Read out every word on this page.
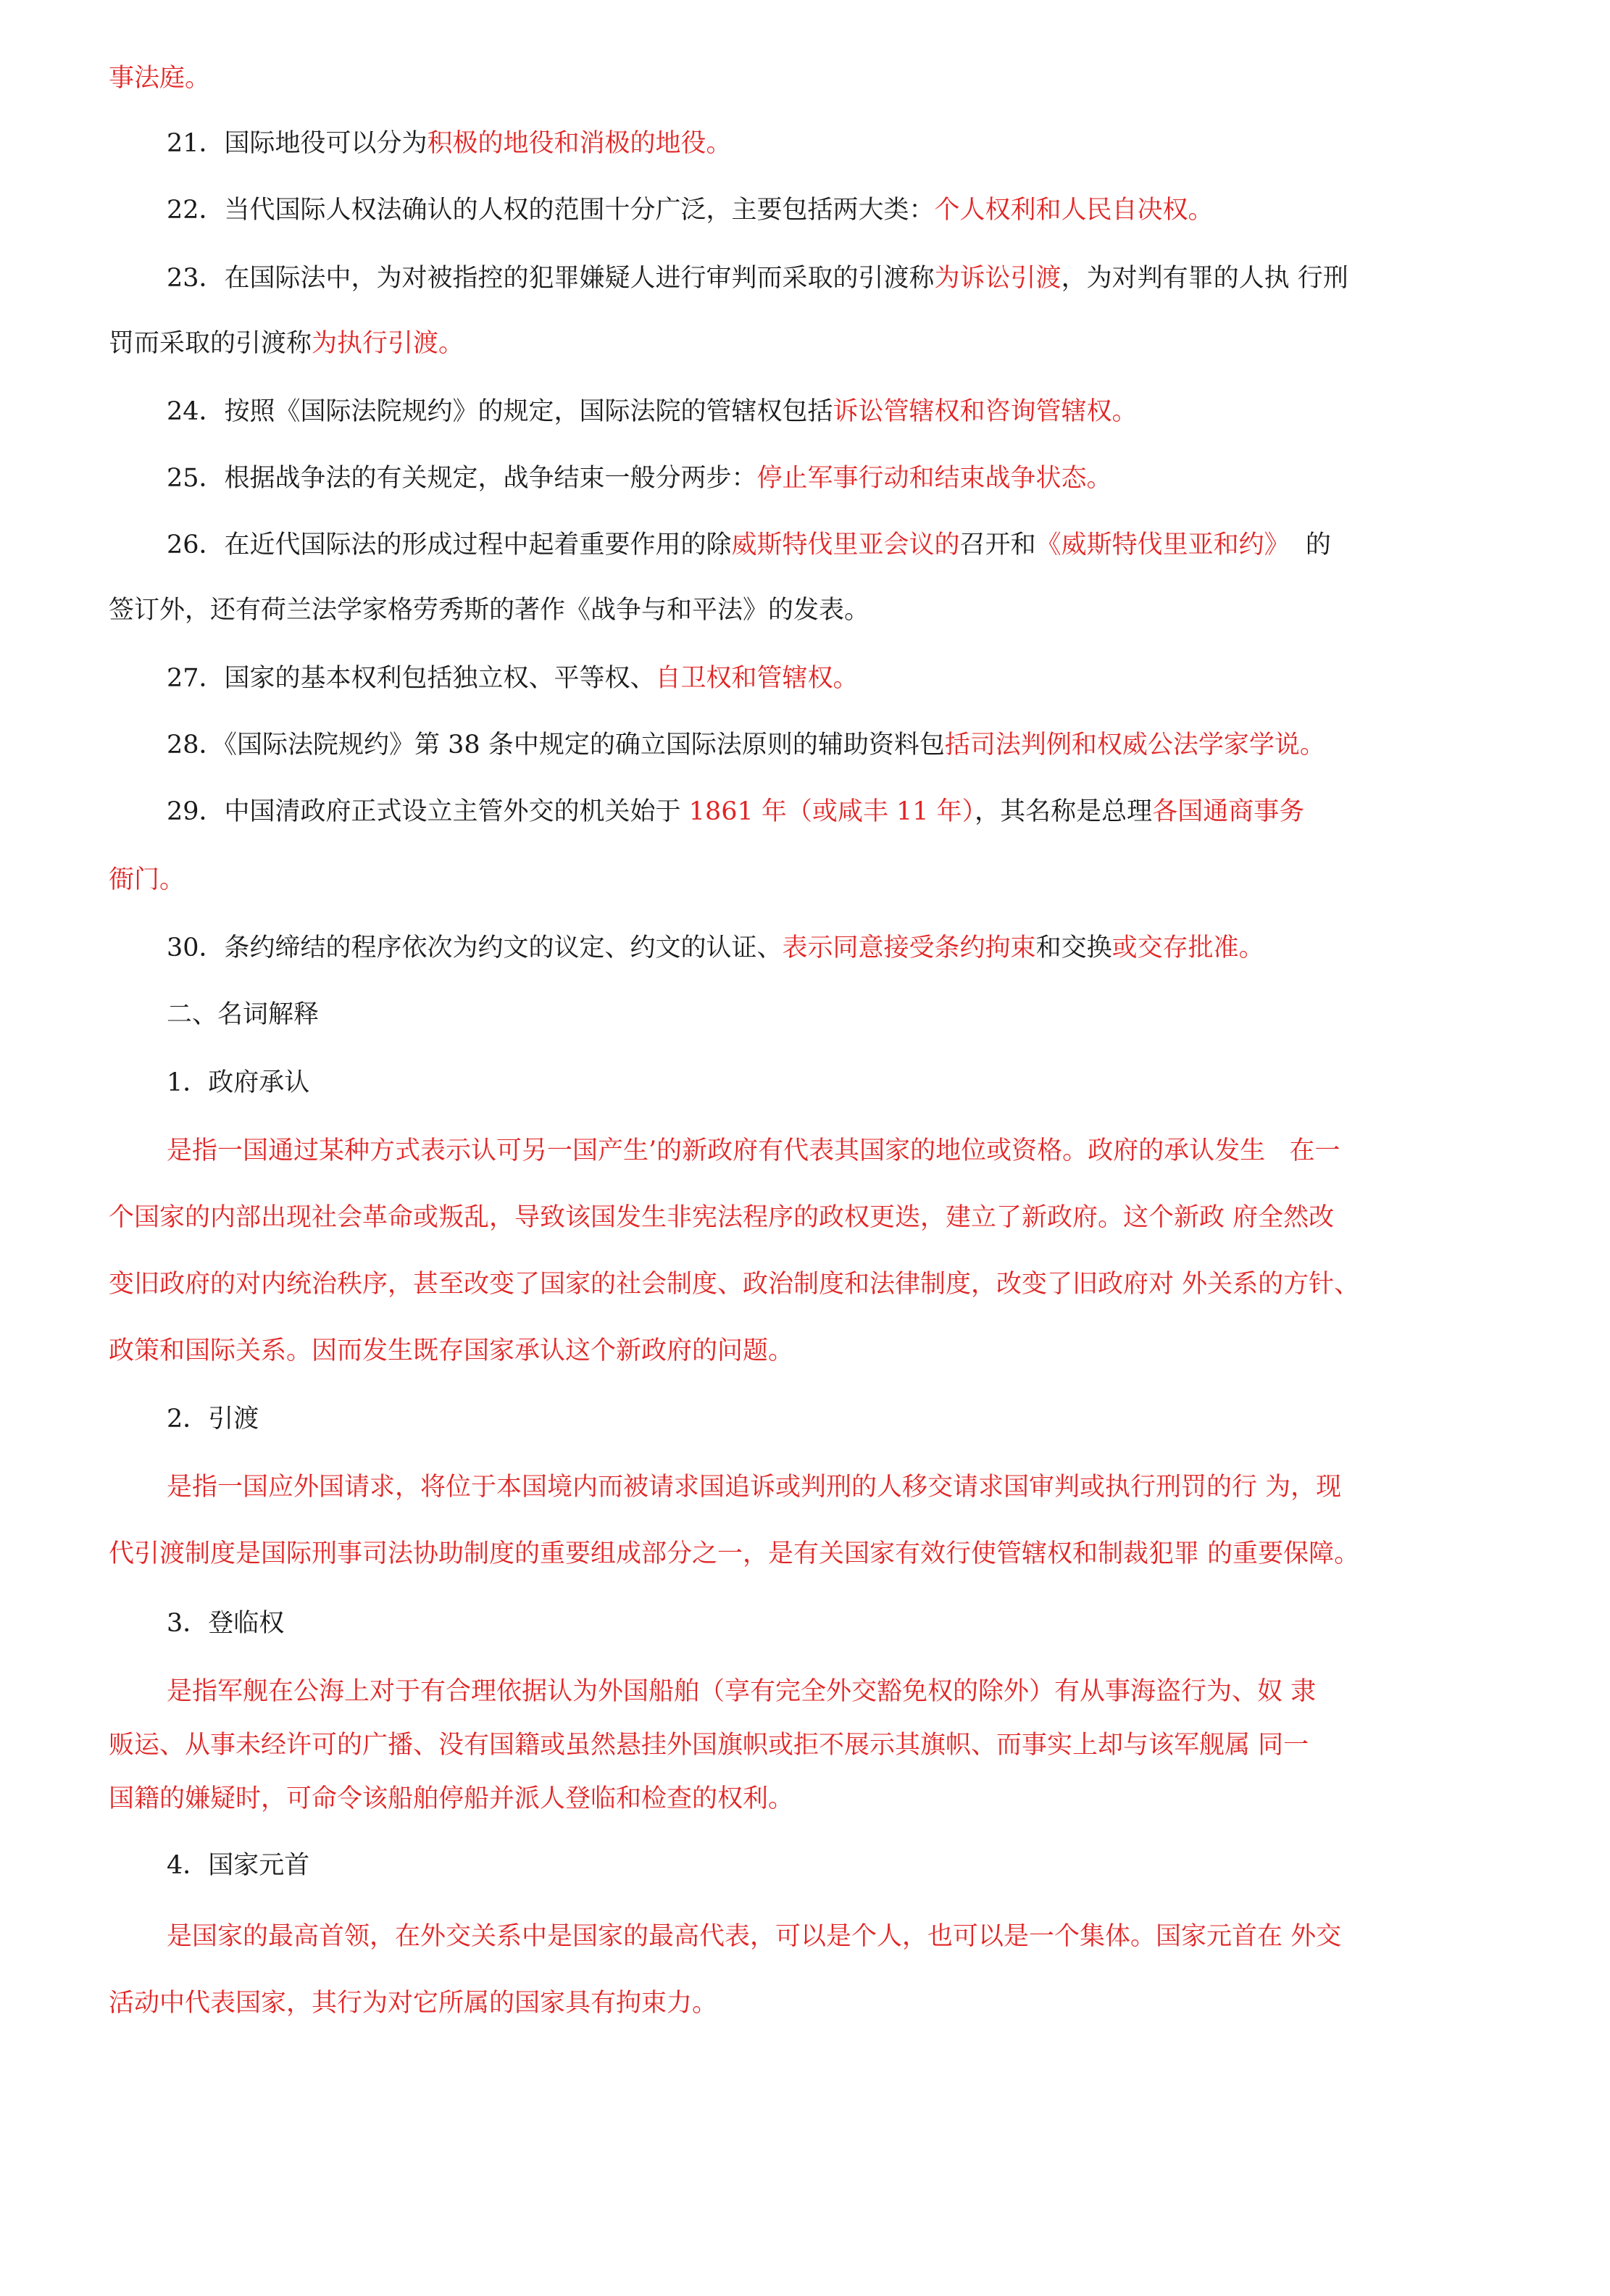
事法庭。

21．国际地役可以分为积极的地役和消极的地役。

22．当代国际人权法确认的人权的范围十分广泛，主要包括两大类：个人权利和人民自决权。

23．在国际法中，为对被指控的犯罪嫌疑人进行审判而采取的引渡称为诉讼引渡，为对判有罪的人执 行刑

罚而采取的引渡称为执行引渡。

24．按照《国际法院规约》的规定，国际法院的管辖权包括诉讼管辖权和咨询管辖权。

25．根据战争法的有关规定，战争结束一般分两步：停止军事行动和结束战争状态。

26．在近代国际法的形成过程中起着重要作用的除威斯特伐里亚会议的召开和《威斯特伐里亚和约》  的

签订外，还有荷兰法学家格劳秀斯的著作《战争与和平法》的发表。

27．国家的基本权利包括独立权、平等权、自卫权和管辖权。

28．《国际法院规约》第 38 条中规定的确立国际法原则的辅助资料包括司法判例和权威公法学家学说。

29．中国清政府正式设立主管外交的机关始于 1861 年（或咸丰 11 年），其名称是总理各国通商事务

衙门。

30．条约缔结的程序依次为约文的议定、约文的认证、表示同意接受条约拘束和交换或交存批准。

二、名词解释

1．政府承认

是指一国通过某种方式表示认可另一国产生’的新政府有代表其国家的地位或资格。政府的承认发生   在一

个国家的内部出现社会革命或叛乱，导致该国发生非宪法程序的政权更迭，建立了新政府。这个新政 府全然改

变旧政府的对内统治秩序，甚至改变了国家的社会制度、政治制度和法律制度，改变了旧政府对 外关系的方针、

政策和国际关系。因而发生既存国家承认这个新政府的问题。

2．引渡

是指一国应外国请求，将位于本国境内而被请求国追诉或判刑的人移交请求国审判或执行刑罚的行 为，现

代引渡制度是国际刑事司法协助制度的重要组成部分之一，是有关国家有效行使管辖权和制裁犯罪 的重要保障。

3．登临权

是指军舰在公海上对于有合理依据认为外国船舶（享有完全外交豁免权的除外）有从事海盗行为、奴 隶

贩运、从事未经许可的广播、没有国籍或虽然悬挂外国旗帜或拒不展示其旗帜、而事实上却与该军舰属 同一

国籍的嫌疑时，可命令该船舶停船并派人登临和检查的权利。

4．国家元首

是国家的最高首领，在外交关系中是国家的最高代表，可以是个人，也可以是一个集体。国家元首在 外交

活动中代表国家，其行为对它所属的国家具有拘束力。
